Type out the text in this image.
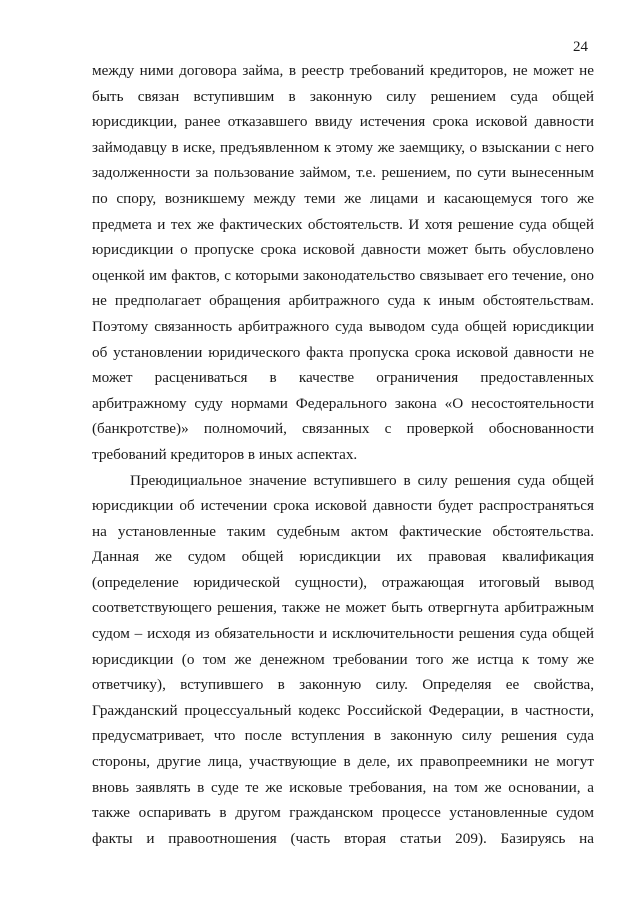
24
между ними договора займа, в реестр требований кредиторов, не может не
быть связан вступившим в законную силу решением суда общей
юрисдикции, ранее отказавшего ввиду истечения срока исковой давности
займодавцу в иске, предъявленном к этому же заемщику, о взыскании с него
задолженности за пользование займом, т.е. решением, по сути вынесенным
по спору, возникшему между теми же лицами и касающемуся того же
предмета и тех же фактических обстоятельств. И хотя решение суда общей
юрисдикции о пропуске срока исковой давности может быть обусловлено
оценкой им фактов, с которыми законодательство связывает его течение, оно
не предполагает обращения арбитражного суда к иным обстоятельствам.
Поэтому связанность арбитражного суда выводом суда общей юрисдикции
об установлении юридического факта пропуска срока исковой давности не
может расцениваться в качестве ограничения предоставленных
арбитражному суду нормами Федерального закона «О несостоятельности
(банкротстве)» полномочий, связанных с проверкой обоснованности
требований кредиторов в иных аспектах.
Преюдициальное значение вступившего в силу решения суда общей
юрисдикции об истечении срока исковой давности будет распространяться
на установленные таким судебным актом фактические обстоятельства.
Данная же судом общей юрисдикции их правовая квалификация
(определение юридической сущности), отражающая итоговый вывод
соответствующего решения, также не может быть отвергнута арбитражным
судом – исходя из обязательности и исключительности решения суда общей
юрисдикции (о том же денежном требовании того же истца к тому же
ответчику), вступившего в законную силу. Определяя ее свойства,
Гражданский процессуальный кодекс Российской Федерации, в частности,
предусматривает, что после вступления в законную силу решения суда
стороны, другие лица, участвующие в деле, их правопреемники не могут
вновь заявлять в суде те же исковые требования, на том же основании, а
также оспаривать в другом гражданском процессе установленные судом
факты и правоотношения (часть вторая статьи 209). Базируясь на
